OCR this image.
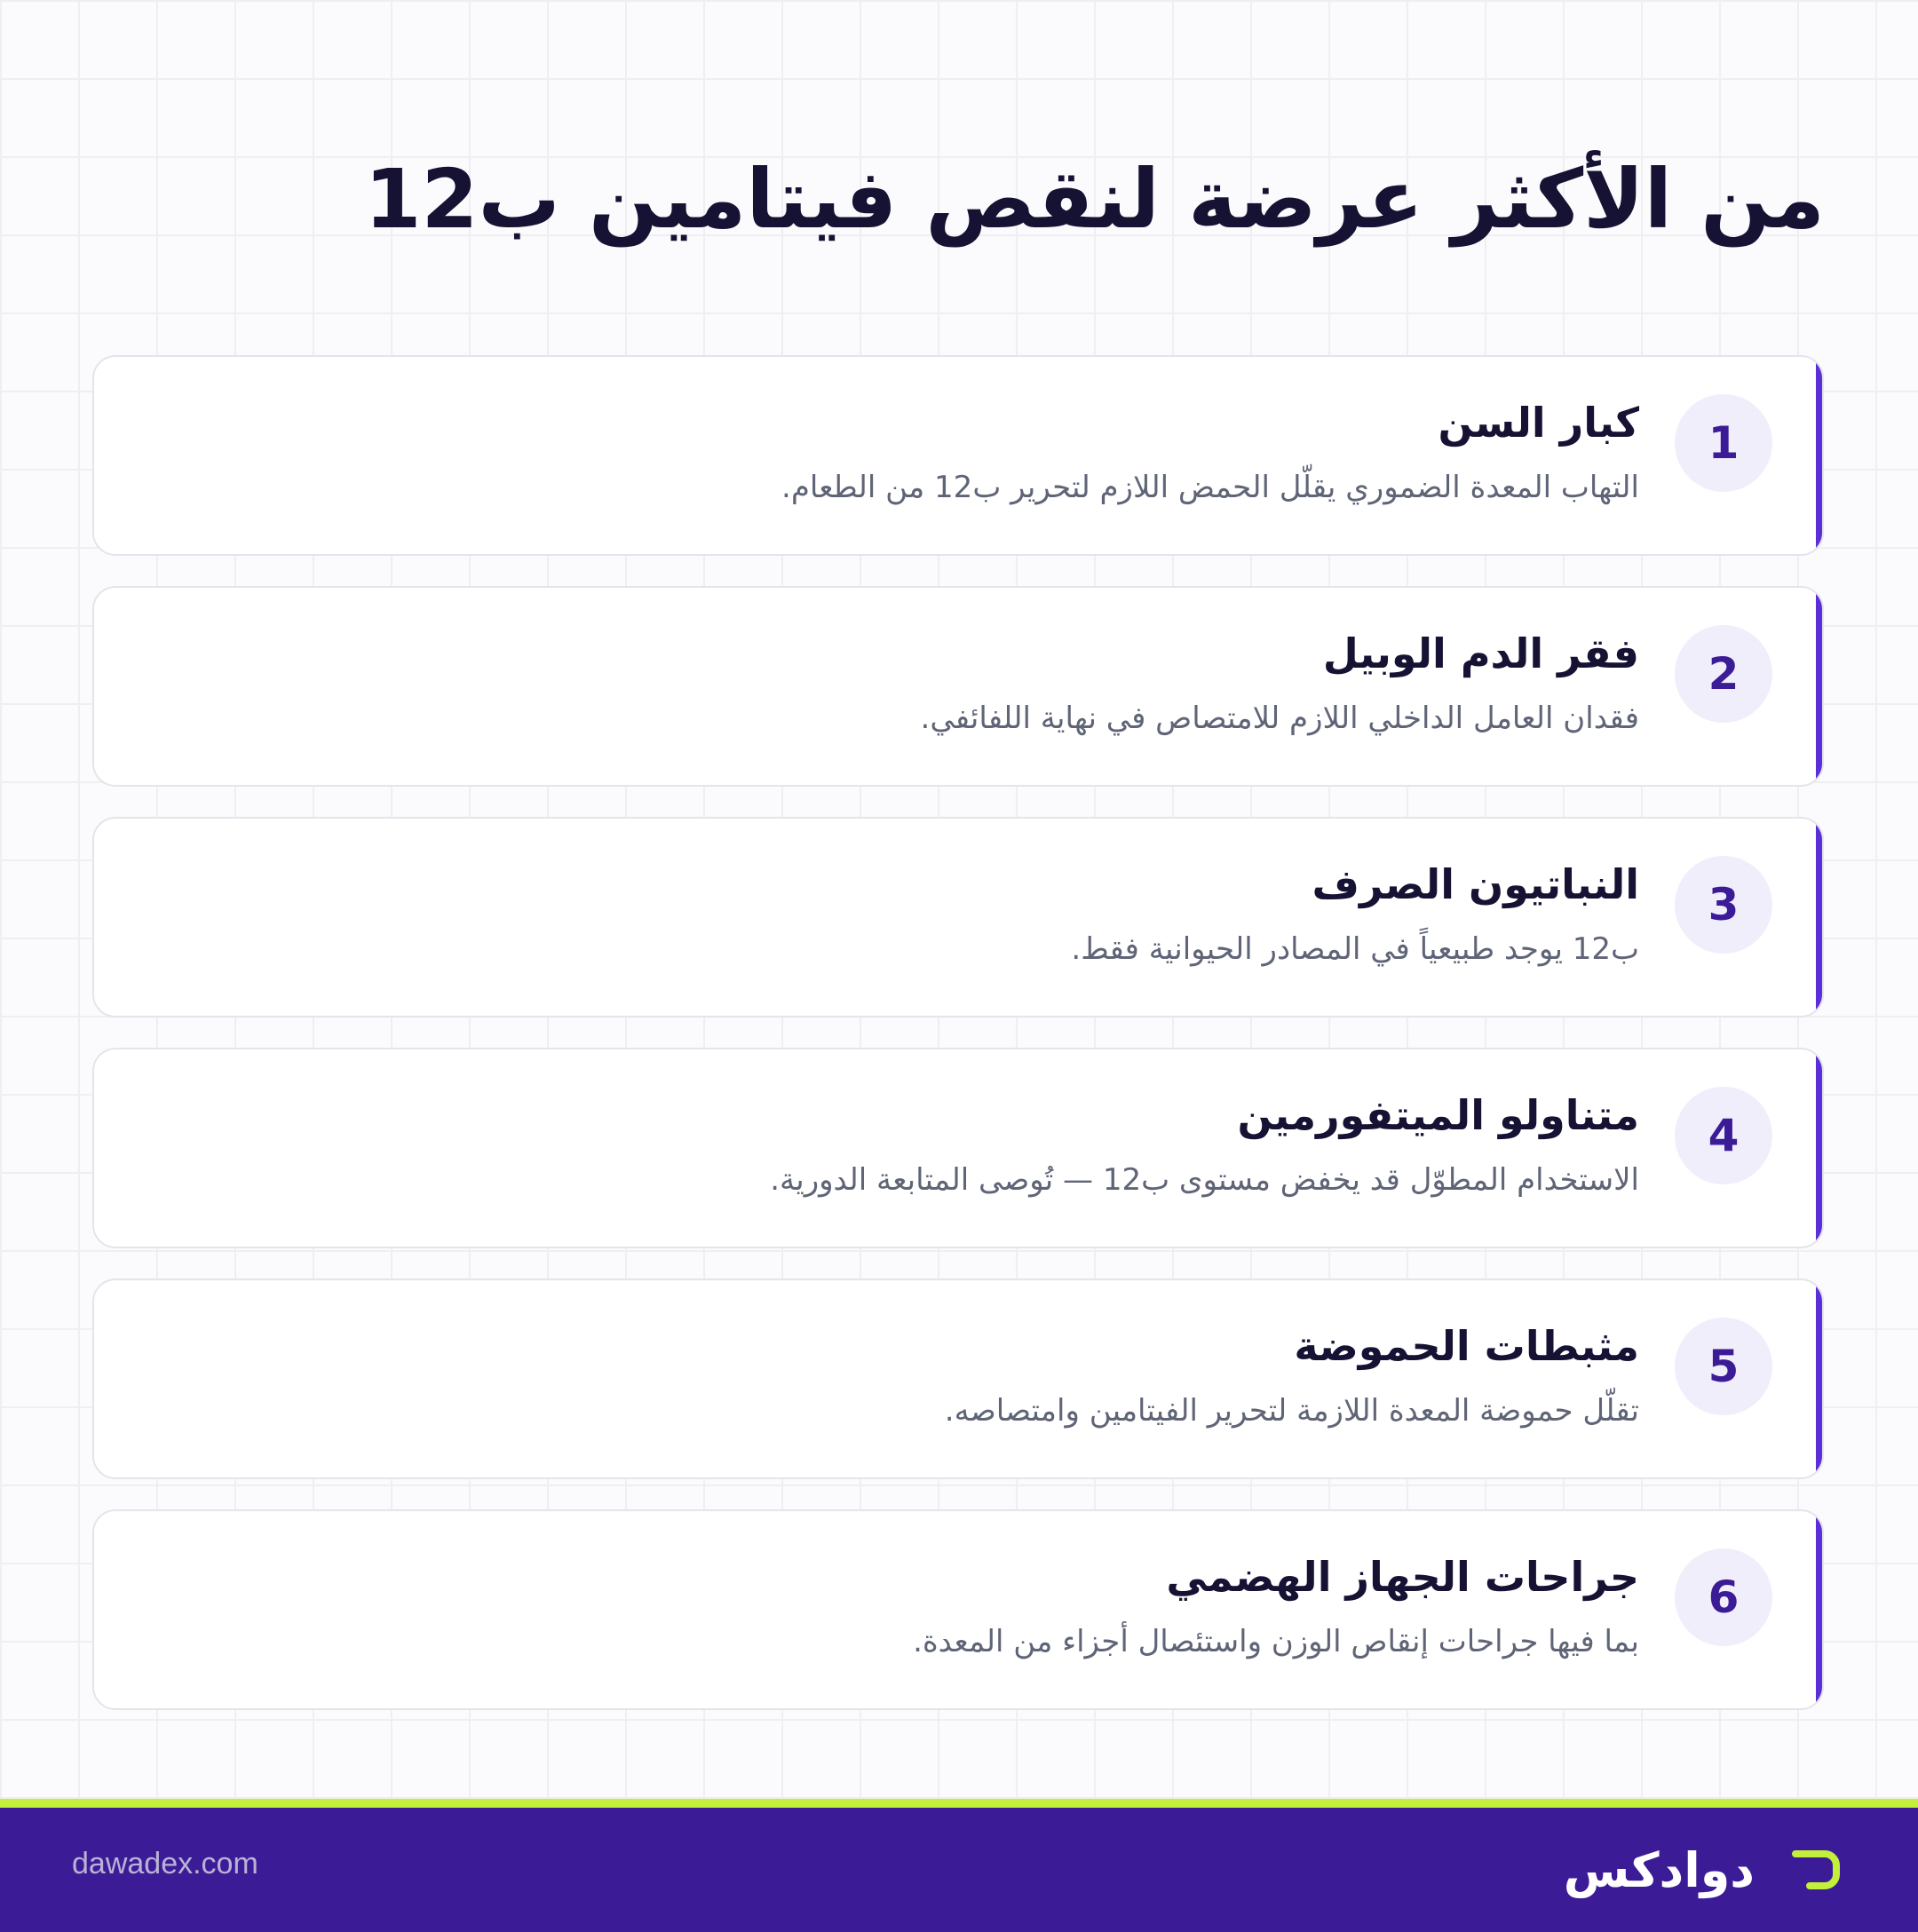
من الأكثر عرضة لنقص فيتامين ب12
1
كبار السن
التهاب المعدة الضموري يقلّل الحمض اللازم لتحرير ب12 من الطعام.
2
فقر الدم الوبيل
فقدان العامل الداخلي اللازم للامتصاص في نهاية اللفائفي.
3
النباتيون الصرف
ب12 يوجد طبيعياً في المصادر الحيوانية فقط.
4
متناولو الميتفورمين
الاستخدام المطوّل قد يخفض مستوى ب12 — تُوصى المتابعة الدورية.
5
مثبطات الحموضة
تقلّل حموضة المعدة اللازمة لتحرير الفيتامين وامتصاصه.
6
جراحات الجهاز الهضمي
بما فيها جراحات إنقاص الوزن واستئصال أجزاء من المعدة.
dawadex.com	دوادكس
